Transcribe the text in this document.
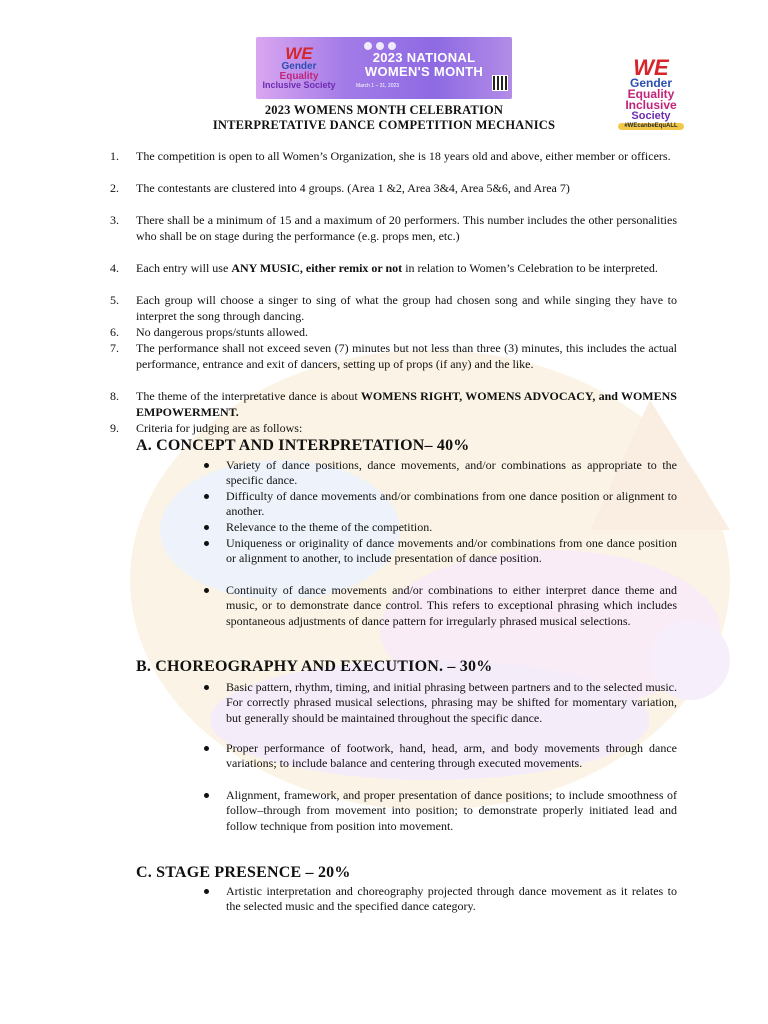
WE
Gender
Equality
Inclusive Society
2023 NATIONAL
WOMEN'S MONTH
March 1 – 31, 2023
WE
Gender
Equality
Inclusive
Society
#WEcanbeEquALL
2023 WOMENS MONTH CELEBRATION
INTERPRETATIVE DANCE COMPETITION MECHANICS
1. The competition is open to all Women’s Organization, she is 18 years old and above, either member or officers.
2. The contestants are clustered into 4 groups. (Area 1 &2, Area 3&4, Area 5&6, and Area 7)
3. There shall be a minimum of 15 and a maximum of 20 performers. This number includes the other personalities who shall be on stage during the performance (e.g. props men, etc.)
4. Each entry will use ANY MUSIC, either remix or not in relation to Women’s Celebration to be interpreted.
5. Each group will choose a singer to sing of what the group had chosen song and while singing they have to interpret the song through dancing.
6. No dangerous props/stunts allowed.
7. The performance shall not exceed seven (7) minutes but not less than three (3) minutes, this includes the actual performance, entrance and exit of dancers, setting up of props (if any) and the like.
8. The theme of the interpretative dance is about WOMENS RIGHT, WOMENS ADVOCACY, and WOMENS EMPOWERMENT.
9. Criteria for judging are as follows:
A. CONCEPT AND INTERPRETATION– 40%
Variety of dance positions, dance movements, and/or combinations as appropriate to the specific dance.
Difficulty of dance movements and/or combinations from one dance position or alignment to another.
Relevance to the theme of the competition.
Uniqueness or originality of dance movements and/or combinations from one dance position or alignment to another, to include presentation of dance position.
Continuity of dance movements and/or combinations to either interpret dance theme and music, or to demonstrate dance control. This refers to exceptional phrasing which includes spontaneous adjustments of dance pattern for irregularly phrased musical selections.
B. CHOREOGRAPHY AND EXECUTION. – 30%
Basic pattern, rhythm, timing, and initial phrasing between partners and to the selected music. For correctly phrased musical selections, phrasing may be shifted for momentary variation, but generally should be maintained throughout the specific dance.
Proper performance of footwork, hand, head, arm, and body movements through dance variations; to include balance and centering through executed movements.
Alignment, framework, and proper presentation of dance positions; to include smoothness of follow–through from movement into position; to demonstrate properly initiated lead and follow technique from position into movement.
C. STAGE PRESENCE – 20%
Artistic interpretation and choreography projected through dance movement as it relates to the selected music and the specified dance category.
